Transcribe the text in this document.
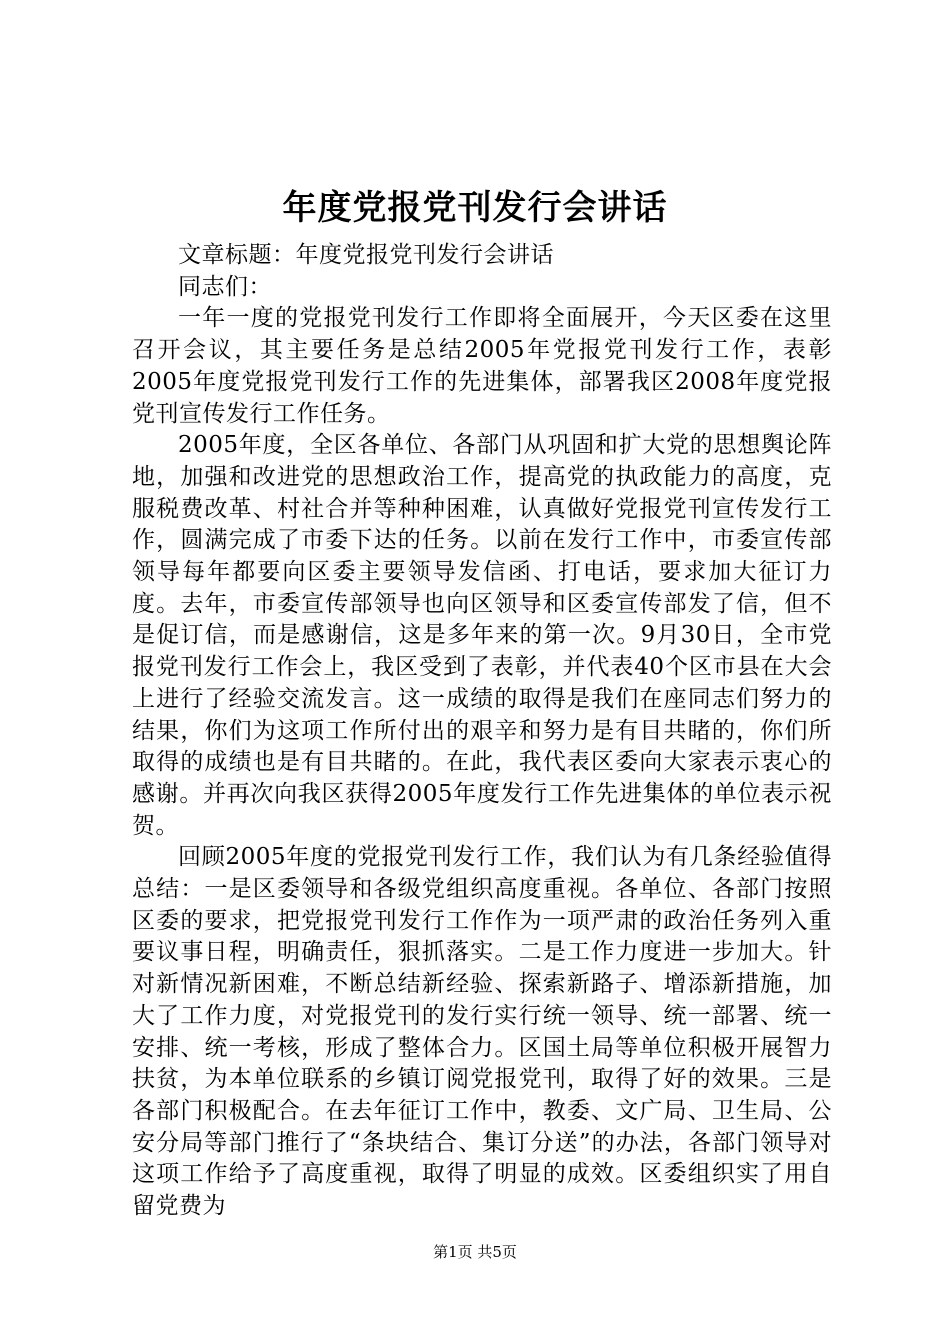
年度党报党刊发行会讲话

文章标题：年度党报党刊发行会讲话

同志们：

一年一度的党报党刊发行工作即将全面展开，今天区委在这里召开会议，其主要任务是总结2005年党报党刊发行工作，表彰2005年度党报党刊发行工作的先进集体，部署我区2008年度党报党刊宣传发行工作任务。

2005年度，全区各单位、各部门从巩固和扩大党的思想舆论阵地，加强和改进党的思想政治工作，提高党的执政能力的高度，克服税费改革、村社合并等种种困难，认真做好党报党刊宣传发行工作，圆满完成了市委下达的任务。以前在发行工作中，市委宣传部领导每年都要向区委主要领导发信函、打电话，要求加大征订力度。去年，市委宣传部领导也向区领导和区委宣传部发了信，但不是促订信，而是感谢信，这是多年来的第一次。9月30日，全市党报党刊发行工作会上，我区受到了表彰，并代表40个区市县在大会上进行了经验交流发言。这一成绩的取得是我们在座同志们努力的结果，你们为这项工作所付出的艰辛和努力是有目共睹的，你们所取得的成绩也是有目共睹的。在此，我代表区委向大家表示衷心的感谢。并再次向我区获得2005年度发行工作先进集体的单位表示祝贺。

回顾2005年度的党报党刊发行工作，我们认为有几条经验值得总结：一是区委领导和各级党组织高度重视。各单位、各部门按照区委的要求，把党报党刊发行工作作为一项严肃的政治任务列入重要议事日程，明确责任，狠抓落实。二是工作力度进一步加大。针对新情况新困难，不断总结新经验、探索新路子、增添新措施，加大了工作力度，对党报党刊的发行实行统一领导、统一部署、统一安排、统一考核，形成了整体合力。区国土局等单位积极开展智力扶贫，为本单位联系的乡镇订阅党报党刊，取得了好的效果。三是各部门积极配合。在去年征订工作中，教委、文广局、卫生局、公安分局等部门推行了“条块结合、集订分送”的办法，各部门领导对这项工作给予了高度重视，取得了明显的成效。区委组织实了用自留党费为

第1页 共5页
